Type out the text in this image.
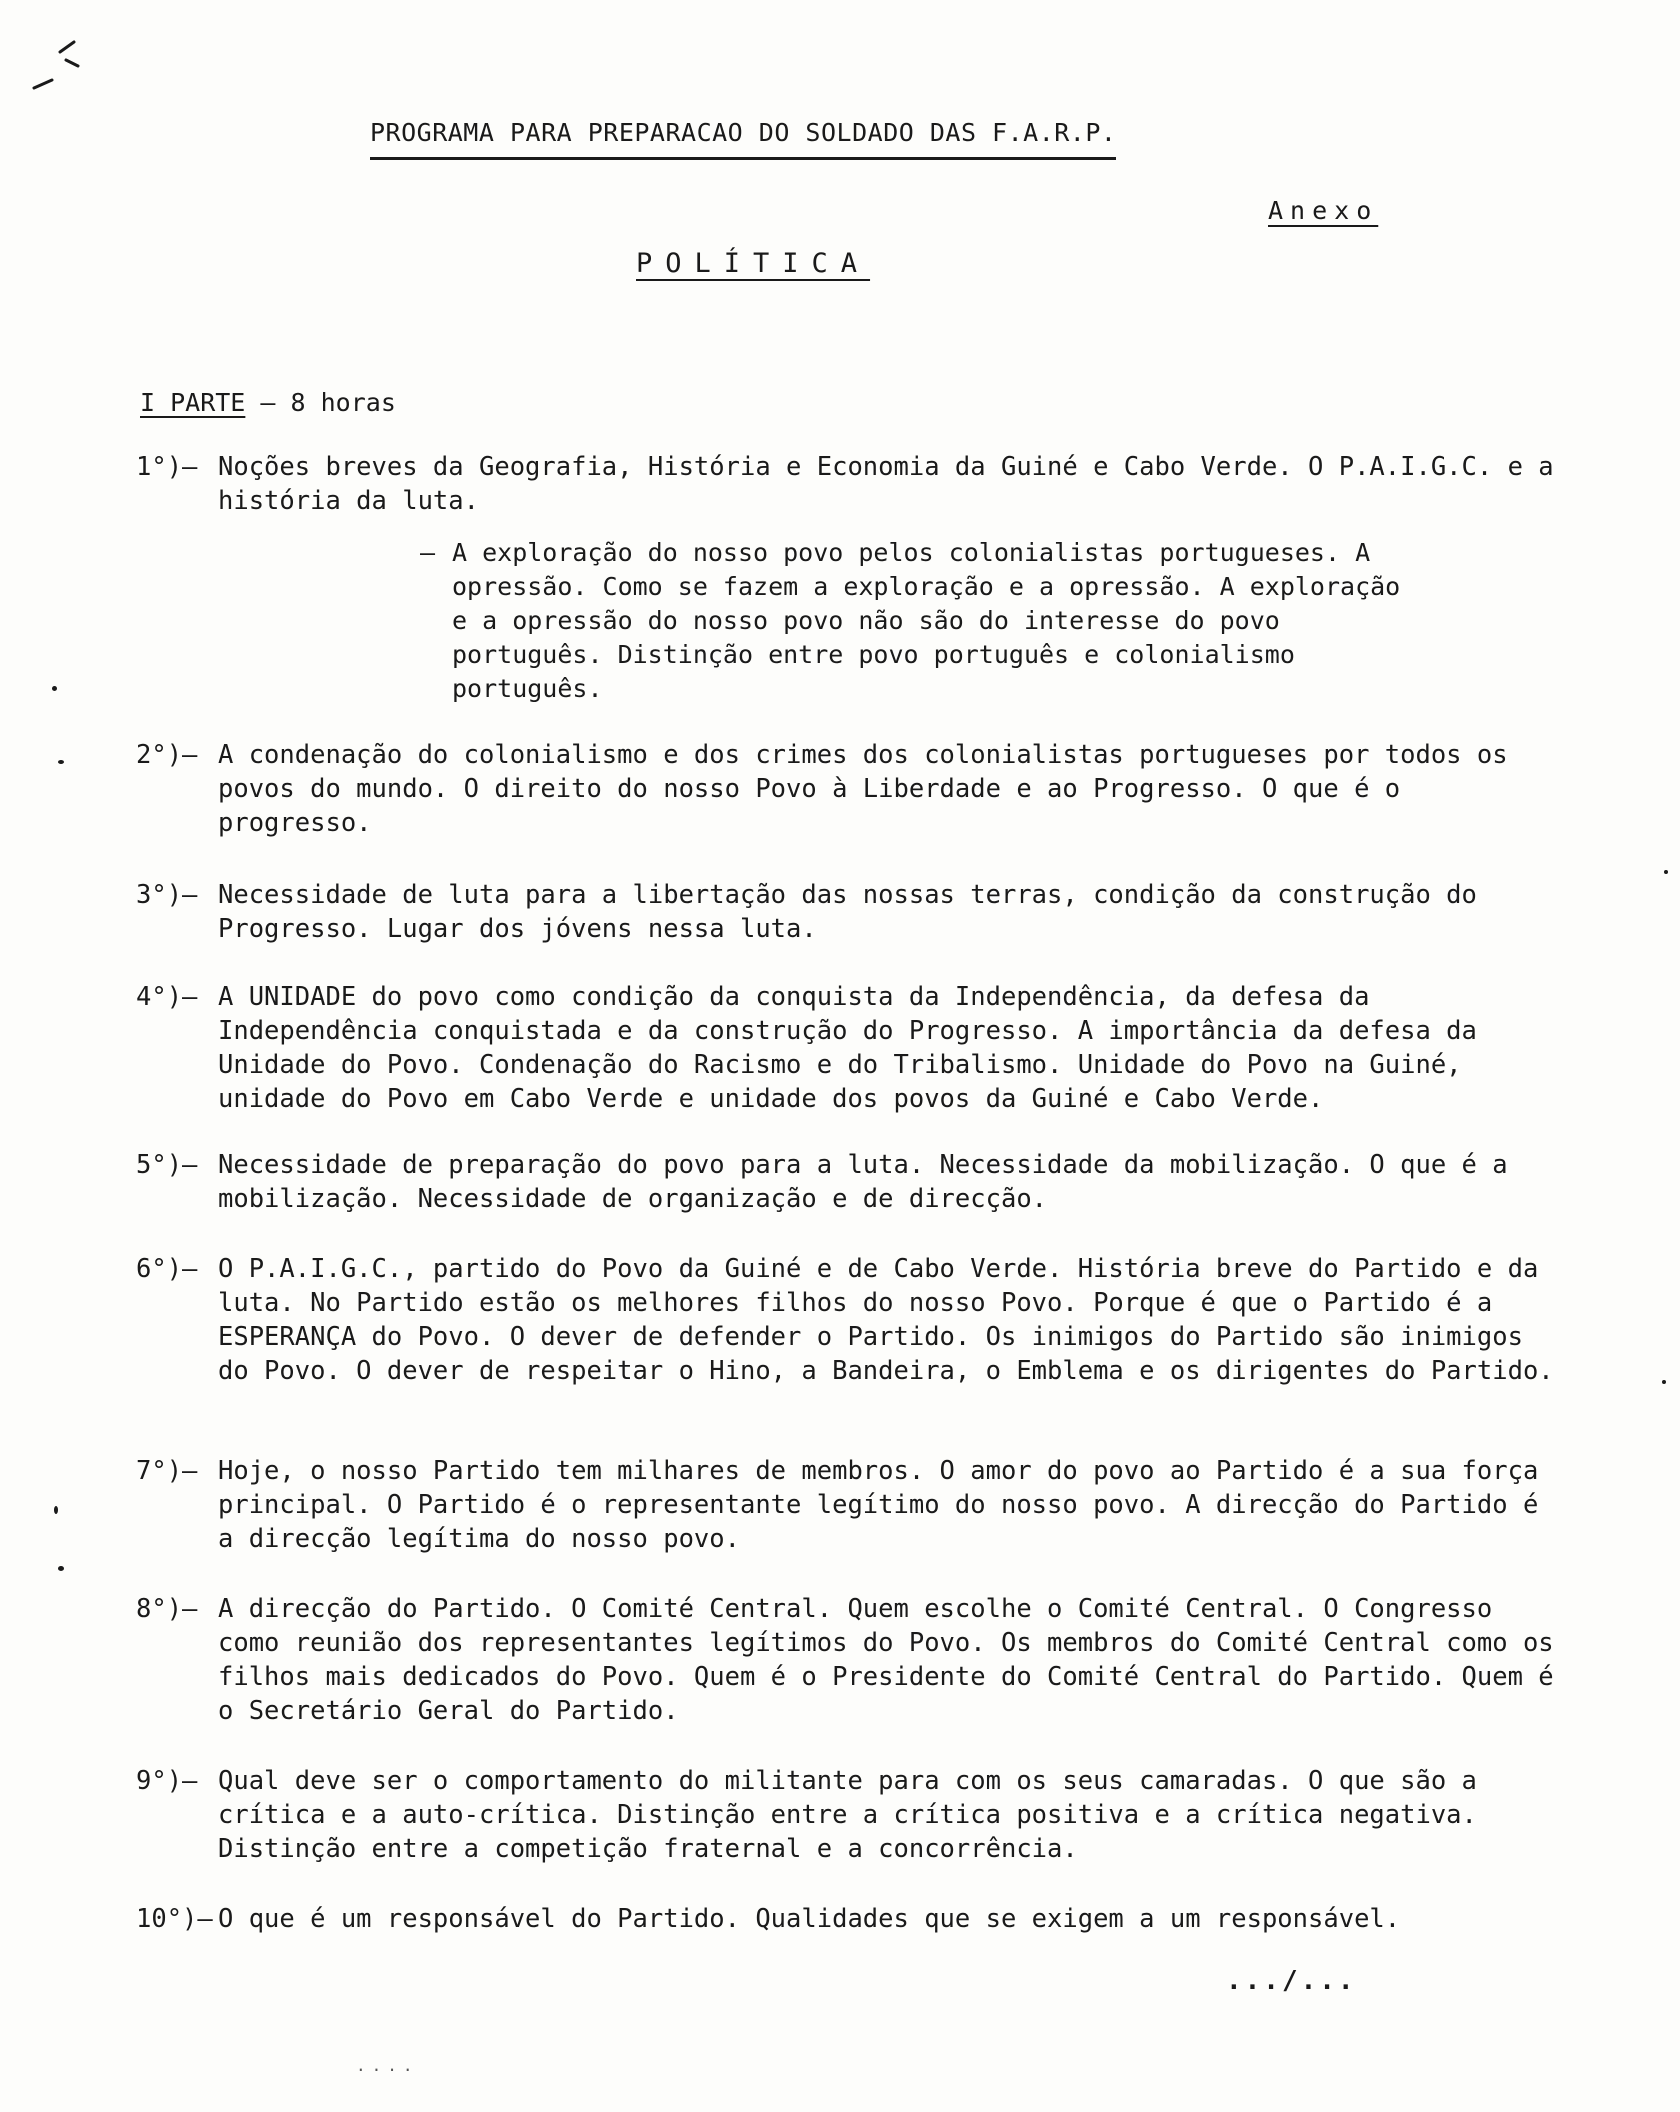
PROGRAMA PARA PREPARACAO DO SOLDADO DAS F.A.R.P.
Anexo
POLÍTICA
I PARTE – 8 horas
1°)– Noções breves da Geografia, História e Economia da Guiné e Cabo Verde. O P.A.I.G.C. e a história da luta.
– A exploração do nosso povo pelos colonialistas portugueses. A opressão. Como se fazem a exploração e a opressão. A exploração e a opressão do nosso povo não são do interesse do povo português. Distinção entre povo português e colonialismo português.
2°)– A condenação do colonialismo e dos crimes dos colonialistas portugueses por todos os povos do mundo. O direito do nosso Povo à Liberdade e ao Progresso. O que é o progresso.
3°)– Necessidade de luta para a libertação das nossas terras, condição da construção do Progresso. Lugar dos jóvens nessa luta.
4°)– A UNIDADE do povo como condição da conquista da Independência, da defesa da Independência conquistada e da construção do Progresso. A importância da defesa da Unidade do Povo. Condenação do Racismo e do Tribalismo. Unidade do Povo na Guiné, unidade do Povo em Cabo Verde e unidade dos povos da Guiné e Cabo Verde.
5°)– Necessidade de preparação do povo para a luta. Necessidade da mobilização. O que é a mobilização. Necessidade de organização e de direcção.
6°)– O P.A.I.G.C., partido do Povo da Guiné e de Cabo Verde. História breve do Partido e da luta. No Partido estão os melhores filhos do nosso Povo. Porque é que o Partido é a ESPERANÇA do Povo. O dever de defender o Partido. Os inimigos do Partido são inimigos do Povo. O dever de respeitar o Hino, a Bandeira, o Emblema e os dirigentes do Partido.
7°)– Hoje, o nosso Partido tem milhares de membros. O amor do povo ao Partido é a sua força principal. O Partido é o representante legítimo do nosso povo. A direcção do Partido é a direcção legítima do nosso povo.
8°)– A direcção do Partido. O Comité Central. Quem escolhe o Comité Central. O Congresso como reunião dos representantes legítimos do Povo. Os membros do Comité Central como os filhos mais dedicados do Povo. Quem é o Presidente do Comité Central do Partido. Quem é o Secretário Geral do Partido.
9°)– Qual deve ser o comportamento do militante para com os seus camaradas. O que são a crítica e a auto-crítica. Distinção entre a crítica positiva e a crítica negativa. Distinção entre a competição fraternal e a concorrência.
10°)– O que é um responsável do Partido. Qualidades que se exigem a um responsável.
.../...
....
